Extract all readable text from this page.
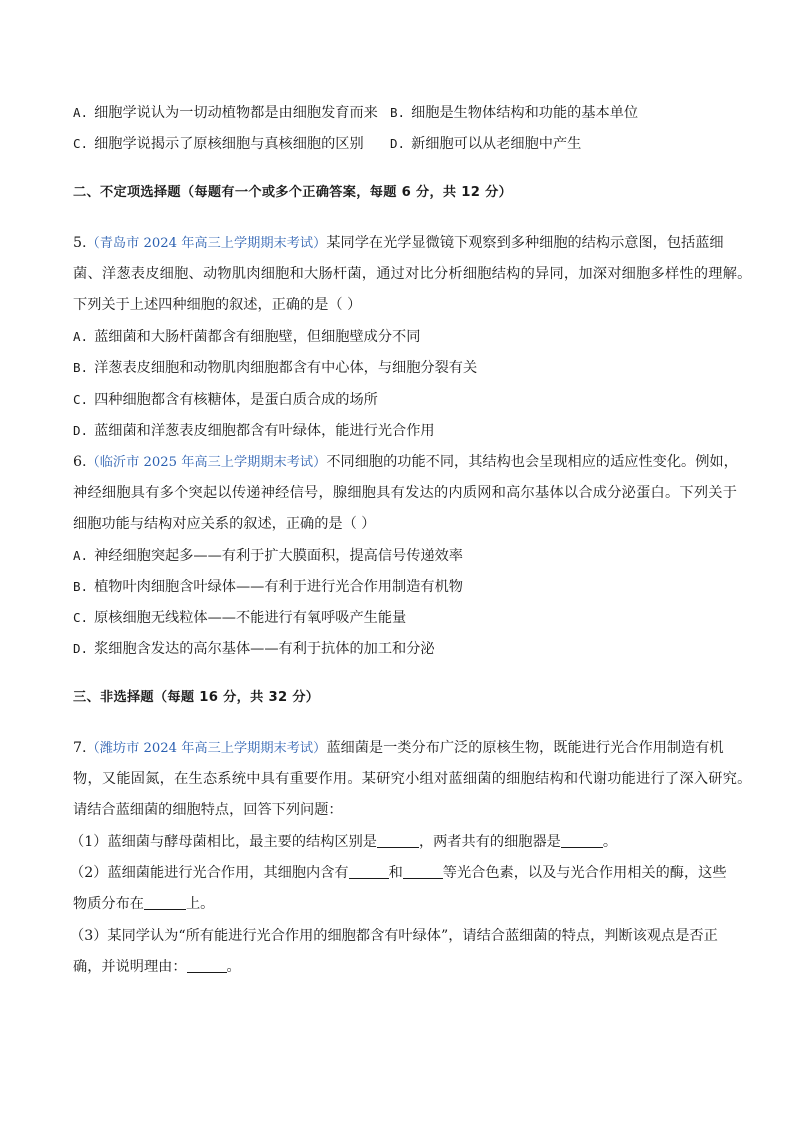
A. 细胞学说认为一切动植物都是由细胞发育而来 B. 细胞是生物体结构和功能的基本单位
C. 细胞学说揭示了原核细胞与真核细胞的区别 D. 新细胞可以从老细胞中产生
二、不定项选择题（每题有一个或多个正确答案，每题 6 分，共 12 分）
5.（青岛市 2024 年高三上学期期末考试）某同学在光学显微镜下观察到多种细胞的结构示意图，包括蓝细
菌、洋葱表皮细胞、动物肌肉细胞和大肠杆菌，通过对比分析细胞结构的异同，加深对细胞多样性的理解。
下列关于上述四种细胞的叙述，正确的是（ ）
A. 蓝细菌和大肠杆菌都含有细胞壁，但细胞壁成分不同
B. 洋葱表皮细胞和动物肌肉细胞都含有中心体，与细胞分裂有关
C. 四种细胞都含有核糖体，是蛋白质合成的场所
D. 蓝细菌和洋葱表皮细胞都含有叶绿体，能进行光合作用
6.（临沂市 2025 年高三上学期期末考试）不同细胞的功能不同，其结构也会呈现相应的适应性变化。例如，
神经细胞具有多个突起以传递神经信号，腺细胞具有发达的内质网和高尔基体以合成分泌蛋白。下列关于
细胞功能与结构对应关系的叙述，正确的是（ ）
A. 神经细胞突起多——有利于扩大膜面积，提高信号传递效率
B. 植物叶肉细胞含叶绿体——有利于进行光合作用制造有机物
C. 原核细胞无线粒体——不能进行有氧呼吸产生能量
D. 浆细胞含发达的高尔基体——有利于抗体的加工和分泌
三、非选择题（每题 16 分，共 32 分）
7.（潍坊市 2024 年高三上学期期末考试）蓝细菌是一类分布广泛的原核生物，既能进行光合作用制造有机
物，又能固氮，在生态系统中具有重要作用。某研究小组对蓝细菌的细胞结构和代谢功能进行了深入研究。
请结合蓝细菌的细胞特点，回答下列问题：
（1）蓝细菌与酵母菌相比，最主要的结构区别是	，两者共有的细胞器是	。
（2）蓝细菌能进行光合作用，其细胞内含有	和	等光合色素，以及与光合作用相关的酶，这些
物质分布在	上。
（3）某同学认为“所有能进行光合作用的细胞都含有叶绿体”，请结合蓝细菌的特点，判断该观点是否正
确，并说明理由：	。
